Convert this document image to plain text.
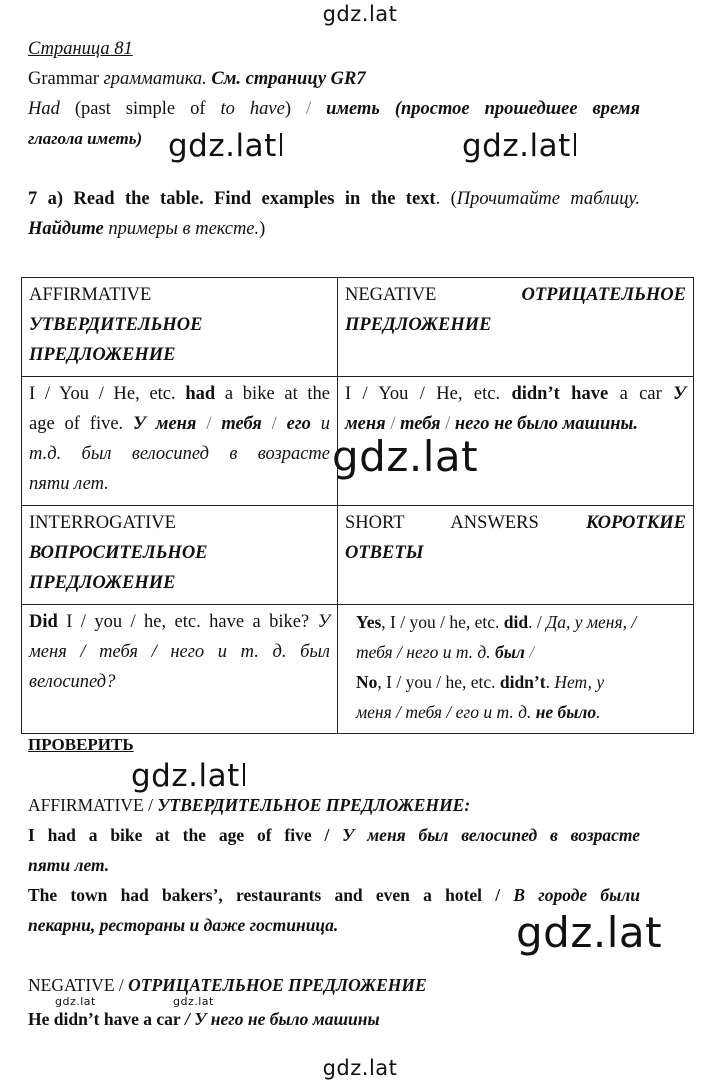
gdz.lat
gdz.lat	gdz.lat
gdz.lat
gdz.lat
gdz.lat
gdz.lat	gdz.lat
gdz.lat
Страница 81
Grammar грамматика. См. страницу GR7
Had (past simple of to have) / иметь (простое прошедшее время
глагола иметь)
7 a) Read the table. Find examples in the text. (Прочитайте таблицу.
Найдите примеры в тексте.)
AFFIRMATIVE
УТВЕРДИТЕЛЬНОЕ
ПРЕДЛОЖЕНИЕ	NEGATIVE ОТРИЦАТЕЛЬНОЕ
ПРЕДЛОЖЕНИЕ

I / You / He, etc. had a bike at the
age of five. У меня / тебя / его и
т.д. был велосипед в возрасте
пяти лет.	I / You / He, etc. didn’t have a car У
меня / тебя / него не было машины.

INTERROGATIVE
ВОПРОСИТЕЛЬНОЕ
ПРЕДЛОЖЕНИЕ	SHORT ANSWERS КОРОТКИЕ
ОТВЕТЫ

Did I / you / he, etc. have a bike? У
меня / тебя / него и т. д. был
велосипед?	Yes, I / you / he, etc. did. / Да, у меня, /
тебя / него и т. д. был /
No, I / you / he, etc. didn’t. Нет, у
меня / тебя / его и т. д. не было.
ПРОВЕРИТЬ
AFFIRMATIVE / УТВЕРДИТЕЛЬНОЕ ПРЕДЛОЖЕНИЕ:
I had a bike at the age of five / У меня был велосипед в возрасте
пяти лет.
The town had bakers’, restaurants and even a hotel / В городе были
пекарни, рестораны и даже гостиница.
NEGATIVE / ОТРИЦАТЕЛЬНОЕ ПРЕДЛОЖЕНИЕ
He didn’t have a car / У него не было машины
